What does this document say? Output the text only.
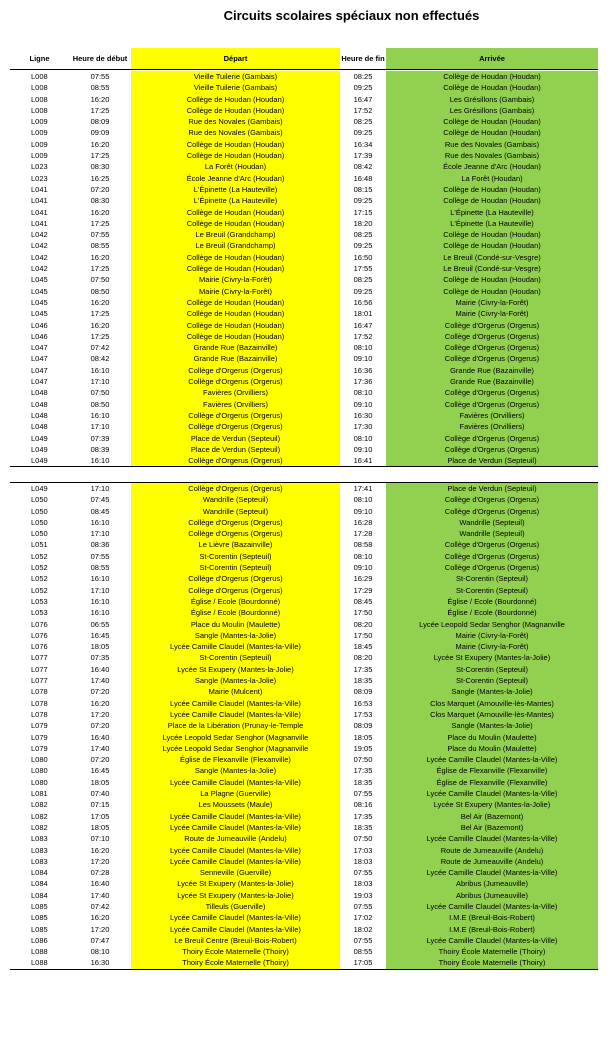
Circuits scolaires spéciaux non effectués
Ligne	Heure de début	Départ	Heure de fin	Arrivée
L008	07:55	Vieille Tuilerie (Gambais)	08:25	Collège de Houdan (Houdan)
L008	08:55	Vieille Tuilerie (Gambais)	09:25	Collège de Houdan (Houdan)
L008	16:20	Collège de Houdan (Houdan)	16:47	Les Grésillons (Gambais)
L008	17:25	Collège de Houdan (Houdan)	17:52	Les Grésillons (Gambais)
L009	08:09	Rue des Novales (Gambais)	08:25	Collège de Houdan (Houdan)
L009	09:09	Rue des Novales (Gambais)	09:25	Collège de Houdan (Houdan)
L009	16:20	Collège de Houdan (Houdan)	16:34	Rue des Novales (Gambais)
L009	17:25	Collège de Houdan (Houdan)	17:39	Rue des Novales (Gambais)
L023	08:30	La Forêt (Houdan)	08:42	École Jeanne d'Arc (Houdan)
L023	16:25	École Jeanne d'Arc (Houdan)	16:48	La Forêt (Houdan)
L041	07:20	L'Épinette (La Hauteville)	08:15	Collège de Houdan (Houdan)
L041	08:30	L'Épinette (La Hauteville)	09:25	Collège de Houdan (Houdan)
L041	16:20	Collège de Houdan (Houdan)	17:15	L'Épinette (La Hauteville)
L041	17:25	Collège de Houdan (Houdan)	18:20	L'Épinette (La Hauteville)
L042	07:55	Le Breuil (Grandchamp)	08:25	Collège de Houdan (Houdan)
L042	08:55	Le Breuil (Grandchamp)	09:25	Collège de Houdan (Houdan)
L042	16:20	Collège de Houdan (Houdan)	16:50	Le Breuil (Condé-sur-Vesgre)
L042	17:25	Collège de Houdan (Houdan)	17:55	Le Breuil (Condé-sur-Vesgre)
L045	07:50	Mairie (Civry-la-Forêt)	08:25	Collège de Houdan (Houdan)
L045	08:50	Mairie (Civry-la-Forêt)	09:25	Collège de Houdan (Houdan)
L045	16:20	Collège de Houdan (Houdan)	16:56	Mairie (Civry-la-Forêt)
L045	17:25	Collège de Houdan (Houdan)	18:01	Mairie (Civry-la-Forêt)
L046	16:20	Collège de Houdan (Houdan)	16:47	Collège d'Orgerus (Orgerus)
L046	17:25	Collège de Houdan (Houdan)	17:52	Collège d'Orgerus (Orgerus)
L047	07:42	Grande Rue (Bazainville)	08:10	Collège d'Orgerus (Orgerus)
L047	08:42	Grande Rue (Bazainville)	09:10	Collège d'Orgerus (Orgerus)
L047	16:10	Collège d'Orgerus (Orgerus)	16:36	Grande Rue (Bazainville)
L047	17:10	Collège d'Orgerus (Orgerus)	17:36	Grande Rue (Bazainville)
L048	07:50	Favières (Orvilliers)	08:10	Collège d'Orgerus (Orgerus)
L048	08:50	Favières (Orvilliers)	09:10	Collège d'Orgerus (Orgerus)
L048	16:10	Collège d'Orgerus (Orgerus)	16:30	Favières (Orvilliers)
L048	17:10	Collège d'Orgerus (Orgerus)	17:30	Favières (Orvilliers)
L049	07:39	Place de Verdun (Septeuil)	08:10	Collège d'Orgerus (Orgerus)
L049	08:39	Place de Verdun (Septeuil)	09:10	Collège d'Orgerus (Orgerus)
L049	16:10	Collège d'Orgerus (Orgerus)	16:41	Place de Verdun (Septeuil)
L049	17:10	Collège d'Orgerus (Orgerus)	17:41	Place de Verdun (Septeuil)
L050	07:45	Wandrille (Septeuil)	08:10	Collège d'Orgerus (Orgerus)
L050	08:45	Wandrille (Septeuil)	09:10	Collège d'Orgerus (Orgerus)
L050	16:10	Collège d'Orgerus (Orgerus)	16:28	Wandrille (Septeuil)
L050	17:10	Collège d'Orgerus (Orgerus)	17:28	Wandrille (Septeuil)
L051	08:36	Le Lièvre (Bazainville)	08:58	Collège d'Orgerus (Orgerus)
L052	07:55	St-Corentin (Septeuil)	08:10	Collège d'Orgerus (Orgerus)
L052	08:55	St-Corentin (Septeuil)	09:10	Collège d'Orgerus (Orgerus)
L052	16:10	Collège d'Orgerus (Orgerus)	16:29	St-Corentin (Septeuil)
L052	17:10	Collège d'Orgerus (Orgerus)	17:29	St-Corentin (Septeuil)
L053	16:10	Église / Ecole (Bourdonné)	08:45	Église / Ecole (Bourdonné)
L053	16:10	Église / Ecole (Bourdonné)	17:50	Église / Ecole (Bourdonné)
L076	06:55	Place du Moulin (Maulette)	08:20	Lycée Leopold Sedar Senghor (Magnanville
L076	16:45	Sangle (Mantes-la-Jolie)	17:50	Mairie (Civry-la-Forêt)
L076	18:05	Lycée Camille Claudel (Mantes-la-Ville)	18:45	Mairie (Civry-la-Forêt)
L077	07:35	St-Corentin (Septeuil)	08:20	Lycée St Exupery (Mantes-la-Jolie)
L077	16:40	Lycée St Exupery (Mantes-la-Jolie)	17:35	St-Corentin (Septeuil)
L077	17:40	Sangle (Mantes-la-Jolie)	18:35	St-Corentin (Septeuil)
L078	07:20	Mairie (Mulcent)	08:09	Sangle (Mantes-la-Jolie)
L078	16:20	Lycée Camille Claudel (Mantes-la-Ville)	16:53	Clos Marquet (Arnouville-lès-Mantes)
L078	17:20	Lycée Camille Claudel (Mantes-la-Ville)	17:53	Clos Marquet (Arnouville-lès-Mantes)
L079	07:20	Place de la Libération (Prunay-le-Temple	08:09	Sangle (Mantes-la-Jolie)
L079	16:40	Lycée Leopold Sedar Senghor (Magnanville	18:05	Place du Moulin (Maulette)
L079	17:40	Lycée Leopold Sedar Senghor (Magnanville	19:05	Place du Moulin (Maulette)
L080	07:20	Église de Flexanville (Flexanville)	07:50	Lycée Camille Claudel (Mantes-la-Ville)
L080	16:45	Sangle (Mantes-la-Jolie)	17:35	Église de Flexanville (Flexanville)
L080	18:05	Lycée Camille Claudel (Mantes-la-Ville)	18:35	Église de Flexanville (Flexanville)
L081	07:40	La Plagne (Guerville)	07:55	Lycée Camille Claudel (Mantes-la-Ville)
L082	07:15	Les Moussets (Maule)	08:16	Lycée St Exupery (Mantes-la-Jolie)
L082	17:05	Lycée Camille Claudel (Mantes-la-Ville)	17:35	Bel Air (Bazemont)
L082	18:05	Lycée Camille Claudel (Mantes-la-Ville)	18:35	Bel Air (Bazemont)
L083	07:10	Route de Jumeauville (Andelu)	07:50	Lycée Camille Claudel (Mantes-la-Ville)
L083	16:20	Lycée Camille Claudel (Mantes-la-Ville)	17:03	Route de Jumeauville (Andelu)
L083	17:20	Lycée Camille Claudel (Mantes-la-Ville)	18:03	Route de Jumeauville (Andelu)
L084	07:28	Senneville (Guerville)	07:55	Lycée Camille Claudel (Mantes-la-Ville)
L084	16:40	Lycée St Exupery (Mantes-la-Jolie)	18:03	Abribus (Jumeauville)
L084	17:40	Lycée St Exupery (Mantes-la-Jolie)	19:03	Abribus (Jumeauville)
L085	07:42	Tilleuls (Guerville)	07:55	Lycée Camille Claudel (Mantes-la-Ville)
L085	16:20	Lycée Camille Claudel (Mantes-la-Ville)	17:02	I.M.E (Breuil-Bois-Robert)
L085	17:20	Lycée Camille Claudel (Mantes-la-Ville)	18:02	I.M.E (Breuil-Bois-Robert)
L086	07:47	Le Breuil Centre (Breuil-Bois-Robert)	07:55	Lycée Camille Claudel (Mantes-la-Ville)
L088	08:10	Thoiry École Maternelle (Thoiry)	08:55	Thoiry École Maternelle (Thoiry)
L088	16:30	Thoiry École Maternelle (Thoiry)	17:05	Thoiry École Maternelle (Thoiry)
